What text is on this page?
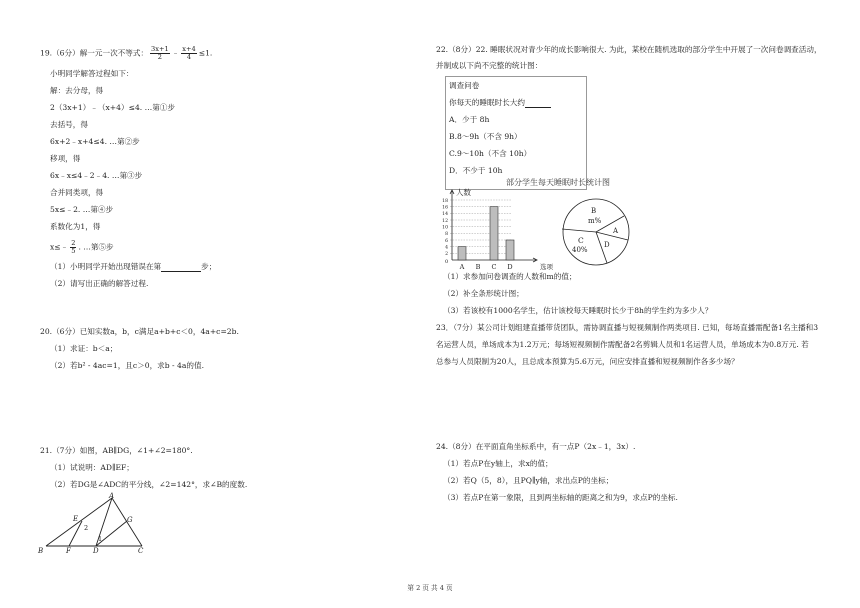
19.（6分）解一元一次不等式： $\frac{3x+1}{2}$ ﹣ $\frac{x+4}{4} \le 1$.
小明同学解答过程如下：
解：去分母，得
2（3x+1）﹣（x+4）≤4. …第①步
去括号，得
6x+2﹣x+4≤4. …第②步
移项，得
6x﹣x≤4﹣2﹣4. …第③步
合并同类项，得
5x≤﹣2. …第④步
系数化为1，得
x≤﹣ $\frac{2}{5}$ . …第⑤步
（1）小明同学开始出现错误在第	步；
（2）请写出正确的解答过程.
20.（6分）已知实数a，b，c满足a+b+c＜0，4a+c=2b.
（1）求证：b＜a；
（2）若b² - 4ac=1，且c＞0，求b - 4a的值.
21.（7分）如图，AB∥DG，∠1+∠2=180°.
（1）试说明：AD∥EF；
（2）若DG是∠ADC的平分线，∠2=142°，求∠B的度数.
A
B	C
D
E
F
G
1
2
22.（8分）22. 睡眠状况对青少年的成长影响很大. 为此，某校在随机选取的部分学生中开展了一次问卷调查活动，
并制成以下尚不完整的统计图：
调查问卷
你每天的睡眠时长大约
A．少于 8h
B.8～9h（不含 9h）
C.9～10h（不含 10h）
D．不少于 10h
部分学生每天睡眠时长统计图
人数
选项
0
2
4
6
8
10
12
14
16
18
A B C D
B
m%
A
D
C
40%
（1）求参加问卷调查的人数和m的值；
（2）补全条形统计图；
（3）若该校有1000名学生，估计该校每天睡眠时长少于8h的学生约为多少人？
23．（7分）某公司计划组建直播带货团队，需协调直播与短视频制作两类项目. 已知，每场直播需配备1名主播和3
名运营人员，单场成本为1.2万元；每场短视频制作需配备2名剪辑人员和1名运营人员，单场成本为0.8万元. 若
总参与人员限制为20人，且总成本预算为5.6万元，问应安排直播和短视频制作各多少场？
24.（8分）在平面直角坐标系中，有一点P（2x﹣1，3x）.
（1）若点P在y轴上，求x的值；
（2）若Q（5，8），且PQ∥y轴，求出点P的坐标；
（3）若点P在第一象限，且到两坐标轴的距离之和为9，求点P的坐标.
第 2 页 共 4 页
